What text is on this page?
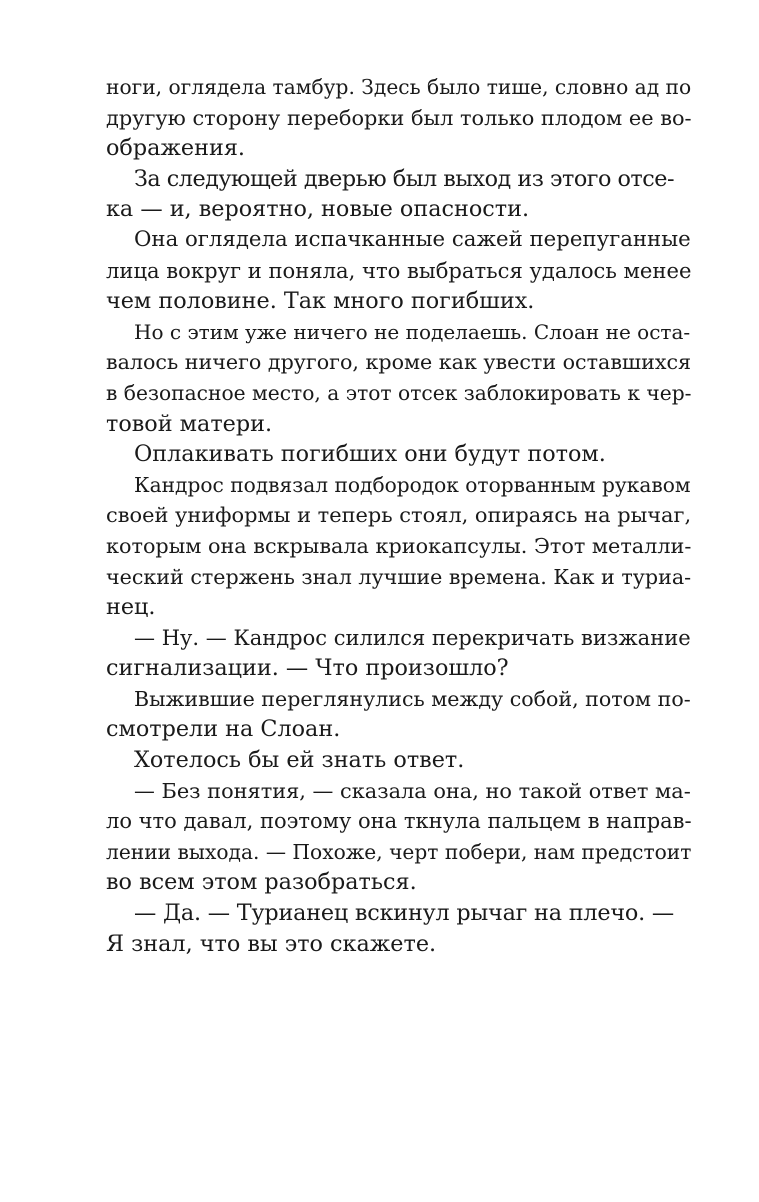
ноги, оглядела тамбур. Здесь было тише, словно ад по
другую сторону переборки был только плодом ее во-
ображения.

За следующей дверью был выход из этого отсе-
ка — и, вероятно, новые опасности.

Она оглядела испачканные сажей перепуганные
лица вокруг и поняла, что выбраться удалось менее
чем половине. Так много погибших.

Но с этим уже ничего не поделаешь. Слоан не оста-
валось ничего другого, кроме как увести оставшихся
в безопасное место, а этот отсек заблокировать к чер-
товой матери.

Оплакивать погибших они будут потом.

Кандрос подвязал подбородок оторванным рукавом
своей униформы и теперь стоял, опираясь на рычаг,
которым она вскрывала криокапсулы. Этот металли-
ческий стержень знал лучшие времена. Как и туриа-
нец.

— Ну. — Кандрос силился перекричать визжание
сигнализации. — Что произошло?

Выжившие переглянулись между собой, потом по-
смотрели на Слоан.

Хотелось бы ей знать ответ.

— Без понятия, — сказала она, но такой ответ ма-
ло что давал, поэтому она ткнула пальцем в направ-
лении выхода. — Похоже, черт побери, нам предстоит
во всем этом разобраться.

— Да. — Турианец вскинул рычаг на плечо. —
Я знал, что вы это скажете.
